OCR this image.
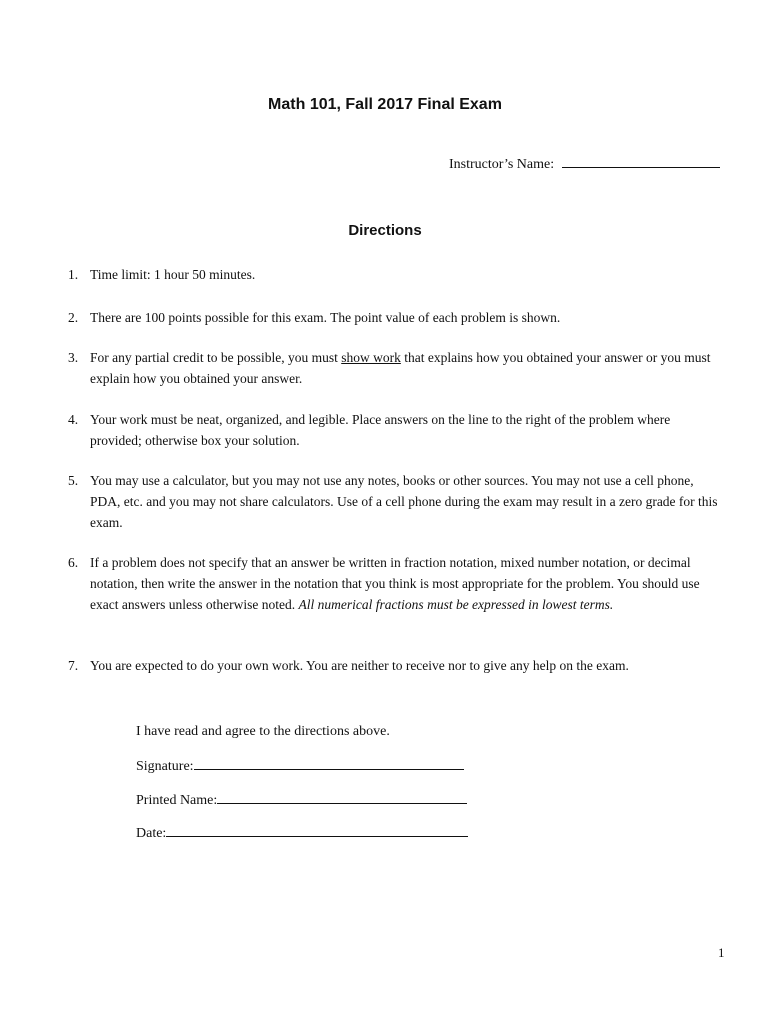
Math 101, Fall 2017 Final Exam
Instructor’s Name:
Directions
1. Time limit: 1 hour 50 minutes.
2. There are 100 points possible for this exam. The point value of each problem is shown.
3. For any partial credit to be possible, you must show work that explains how you obtained your answer or you must explain how you obtained your answer.
4. Your work must be neat, organized, and legible. Place answers on the line to the right of the problem where provided; otherwise box your solution.
5. You may use a calculator, but you may not use any notes, books or other sources. You may not use a cell phone, PDA, etc. and you may not share calculators. Use of a cell phone during the exam may result in a zero grade for this exam.
6. If a problem does not specify that an answer be written in fraction notation, mixed number notation, or decimal notation, then write the answer in the notation that you think is most appropriate for the problem. You should use exact answers unless otherwise noted. All numerical fractions must be expressed in lowest terms.
7. You are expected to do your own work. You are neither to receive nor to give any help on the exam.
I have read and agree to the directions above.
Signature:
Printed Name:
Date:
1
